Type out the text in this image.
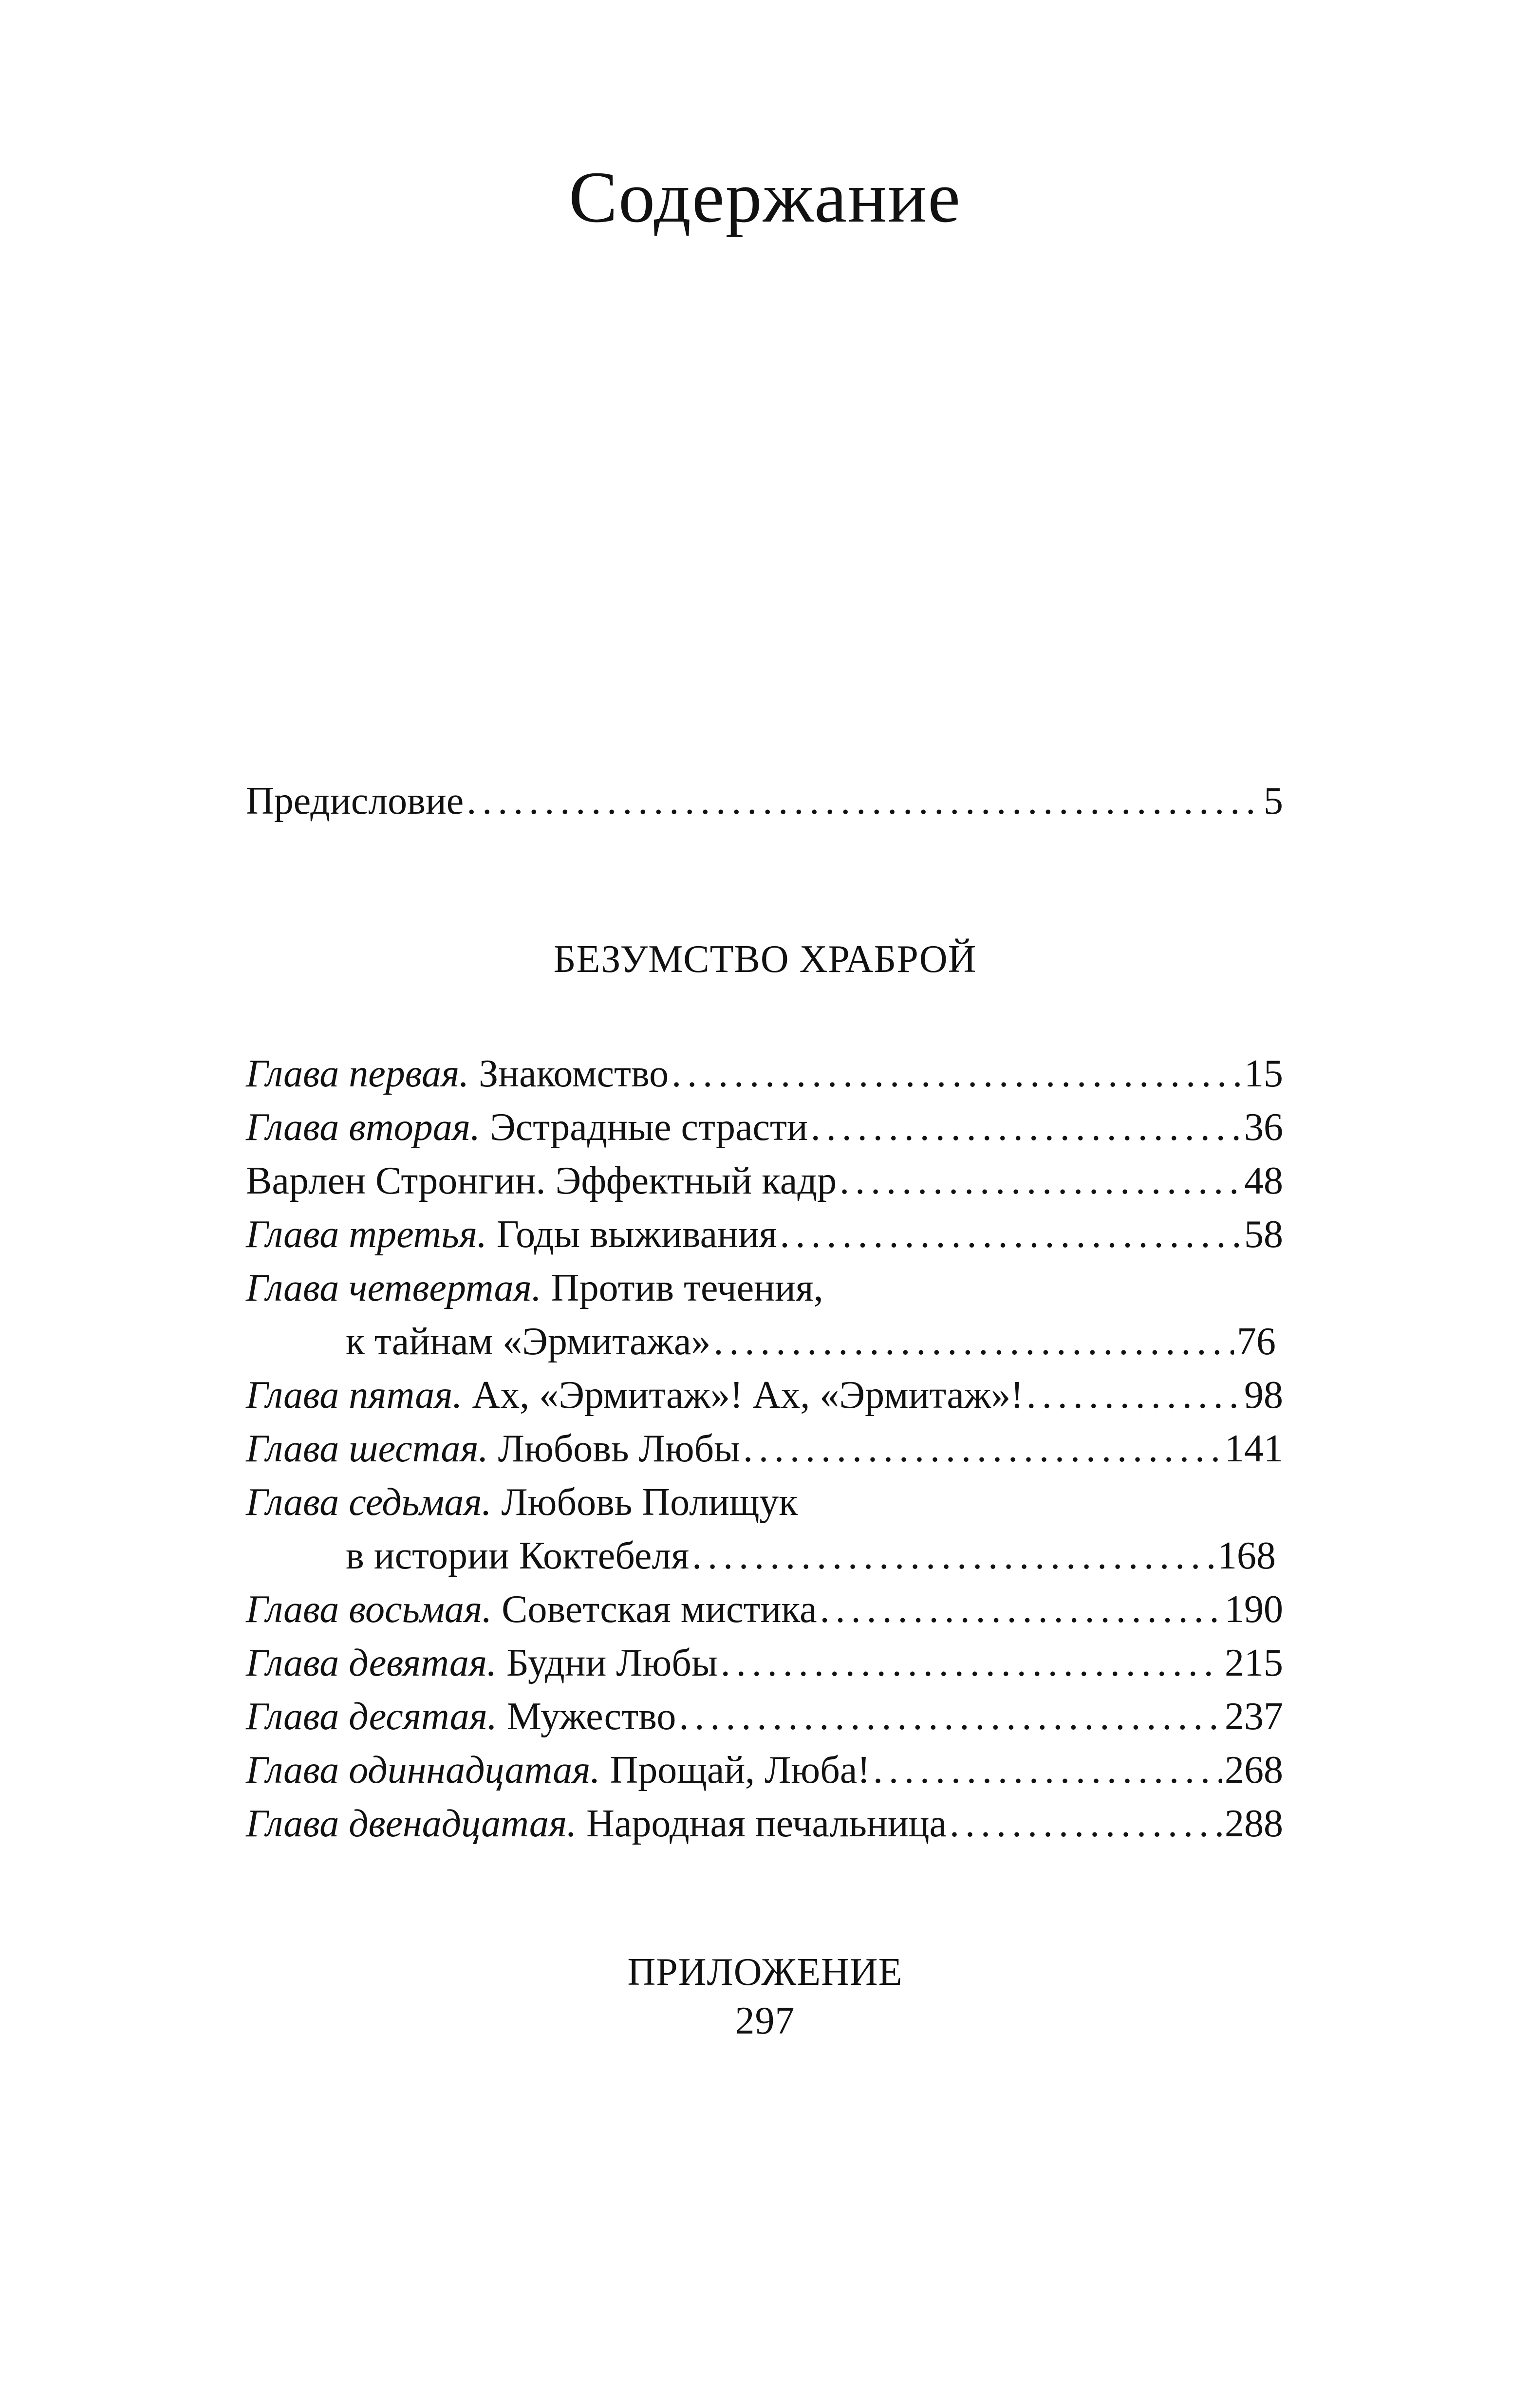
Содержание
Предисловие .....	5
БЕЗУМСТВО ХРАБРОЙ
Глава первая. Знакомство .....	15
Глава вторая. Эстрадные страсти .....	36
Варлен Стронгин. Эффектный кадр .....	48
Глава третья. Годы выживания .....	58
Глава четвертая. Против течения,
к тайнам «Эрмитажа» .....	76
Глава пятая. Ах, «Эрмитаж»! Ах, «Эрмитаж»! .....	98
Глава шестая. Любовь Любы .....	141
Глава седьмая. Любовь Полищук
в истории Коктебеля .....	168
Глава восьмая. Советская мистика .....	190
Глава девятая. Будни Любы .....	215
Глава десятая. Мужество .....	237
Глава одиннадцатая. Прощай, Люба! .....	268
Глава двенадцатая. Народная печальница .....	288
ПРИЛОЖЕНИЕ
297
